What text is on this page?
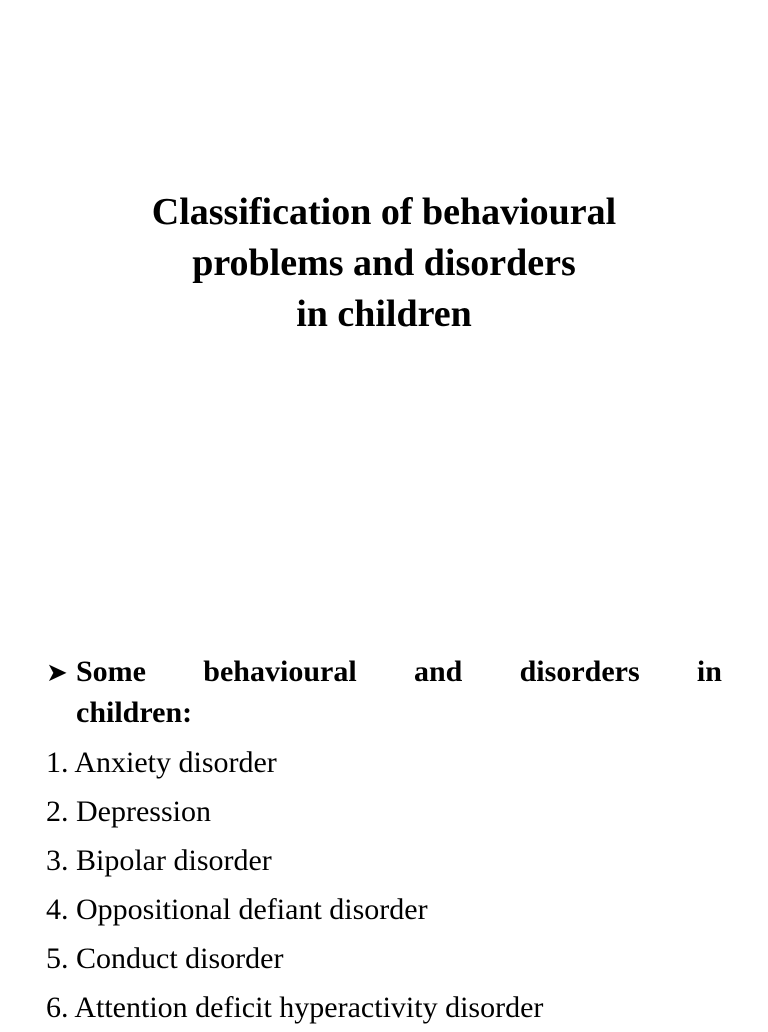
Classification of behavioural
problems and disorders
in children
➤ Some behavioural and disorders in
children:
1. Anxiety disorder
2. Depression
3. Bipolar disorder
4. Oppositional defiant disorder
5. Conduct disorder
6. Attention deficit hyperactivity disorder
